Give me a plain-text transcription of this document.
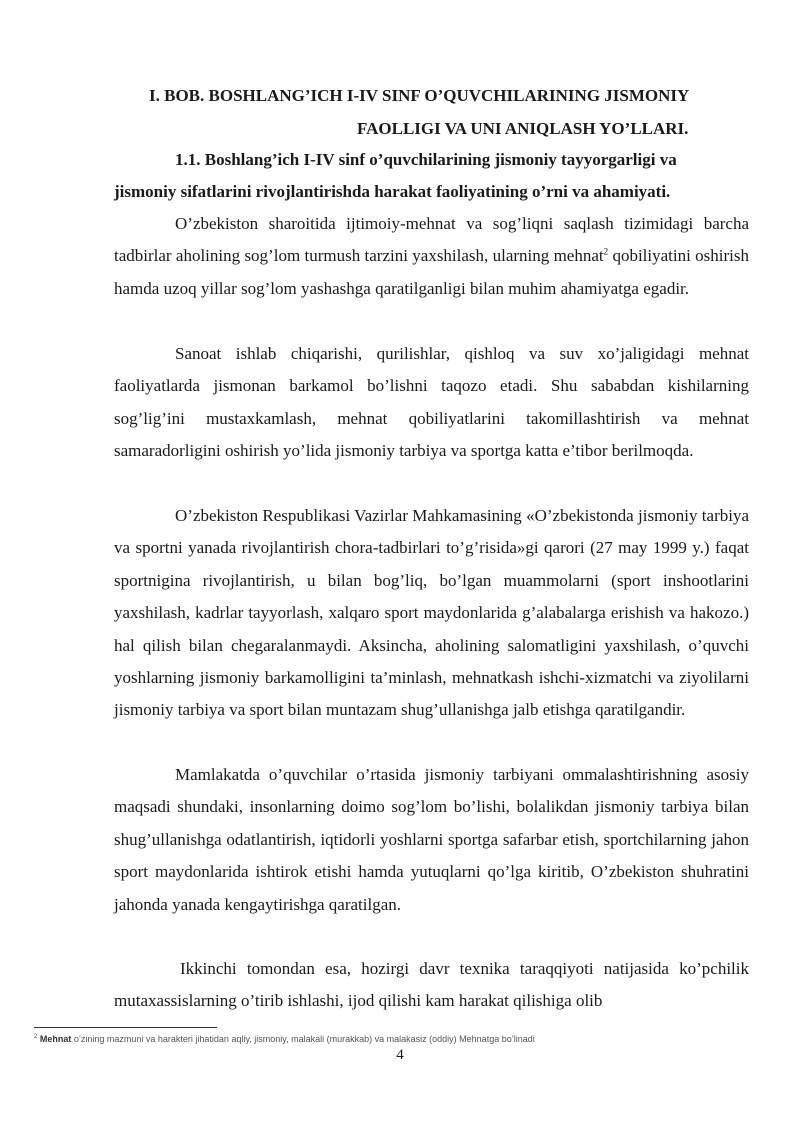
I. BOB. BOSHLANG’ICH I-IV SINF O’QUVCHILARINING JISMONIY
FAOLLIGI VA UNI ANIQLASH YO’LLARI.
1.1. Boshlang’ich I-IV sinf o’quvchilarining jismoniy tayyorgarligi va
jismoniy sifatlarini rivojlantirishda harakat faoliyatining o’rni va ahamiyati.
O’zbekiston sharoitida ijtimoiy-mehnat va sog’liqni saqlash tizimidagi barcha tadbirlar aholining sog’lom turmush tarzini yaxshilash, ularning mehnat$^2$ qobiliyatini oshirish hamda uzoq yillar sog’lom yashashga qaratilganligi bilan muhim ahamiyatga egadir.
Sanoat ishlab chiqarishi, qurilishlar, qishloq va suv xo’jaligidagi mehnat faoliyatlarda jismonan barkamol bo’lishni taqozo etadi. Shu sababdan kishilarning sog’lig’ini mustaxkamlash, mehnat qobiliyatlarini takomillashtirish va mehnat samaradorligini oshirish yo’lida jismoniy tarbiya va sportga katta e’tibor berilmoqda.
O’zbekiston Respublikasi Vazirlar Mahkamasining «O’zbekistonda jismoniy tarbiya va sportni yanada rivojlantirish chora-tadbirlari to’g’risida»gi qarori (27 may 1999 y.) faqat sportnigina rivojlantirish, u bilan bog’liq, bo’lgan muammolarni (sport inshootlarini yaxshilash, kadrlar tayyorlash, xalqaro sport maydonlarida g’alabalarga erishish va hakozo.) hal qilish bilan chegaralanmaydi. Aksincha, aholining salomatligini yaxshilash, o’quvchi yoshlarning jismoniy barkamolligini ta’minlash, mehnatkash ishchi-xizmatchi va ziyolilarni jismoniy tarbiya va sport bilan muntazam shug’ullanishga jalb etishga qaratilgandir.
Mamlakatda o’quvchilar o’rtasida jismoniy tarbiyani ommalashtirishning asosiy maqsadi shundaki, insonlarning doimo sog’lom bo’lishi, bolalikdan jismoniy tarbiya bilan shug’ullanishga odatlantirish, iqtidorli yoshlarni sportga safarbar etish, sportchilarning jahon sport maydonlarida ishtirok etishi hamda yutuqlarni qo’lga kiritib, O’zbekiston shuhratini jahonda yanada kengaytirishga qaratilgan.
Ikkinchi tomondan esa, hozirgi davr texnika taraqqiyoti natijasida ko’pchilik mutaxassislarning o’tirib ishlashi, ijod qilishi kam harakat qilishiga olib
$^2$ Mehnat o’zining mazmuni va harakteri jihatidan aqliy, jismoniy, malakali (murakkab) va malakasiz (oddiy) Mehnatga bo’linadi
4
